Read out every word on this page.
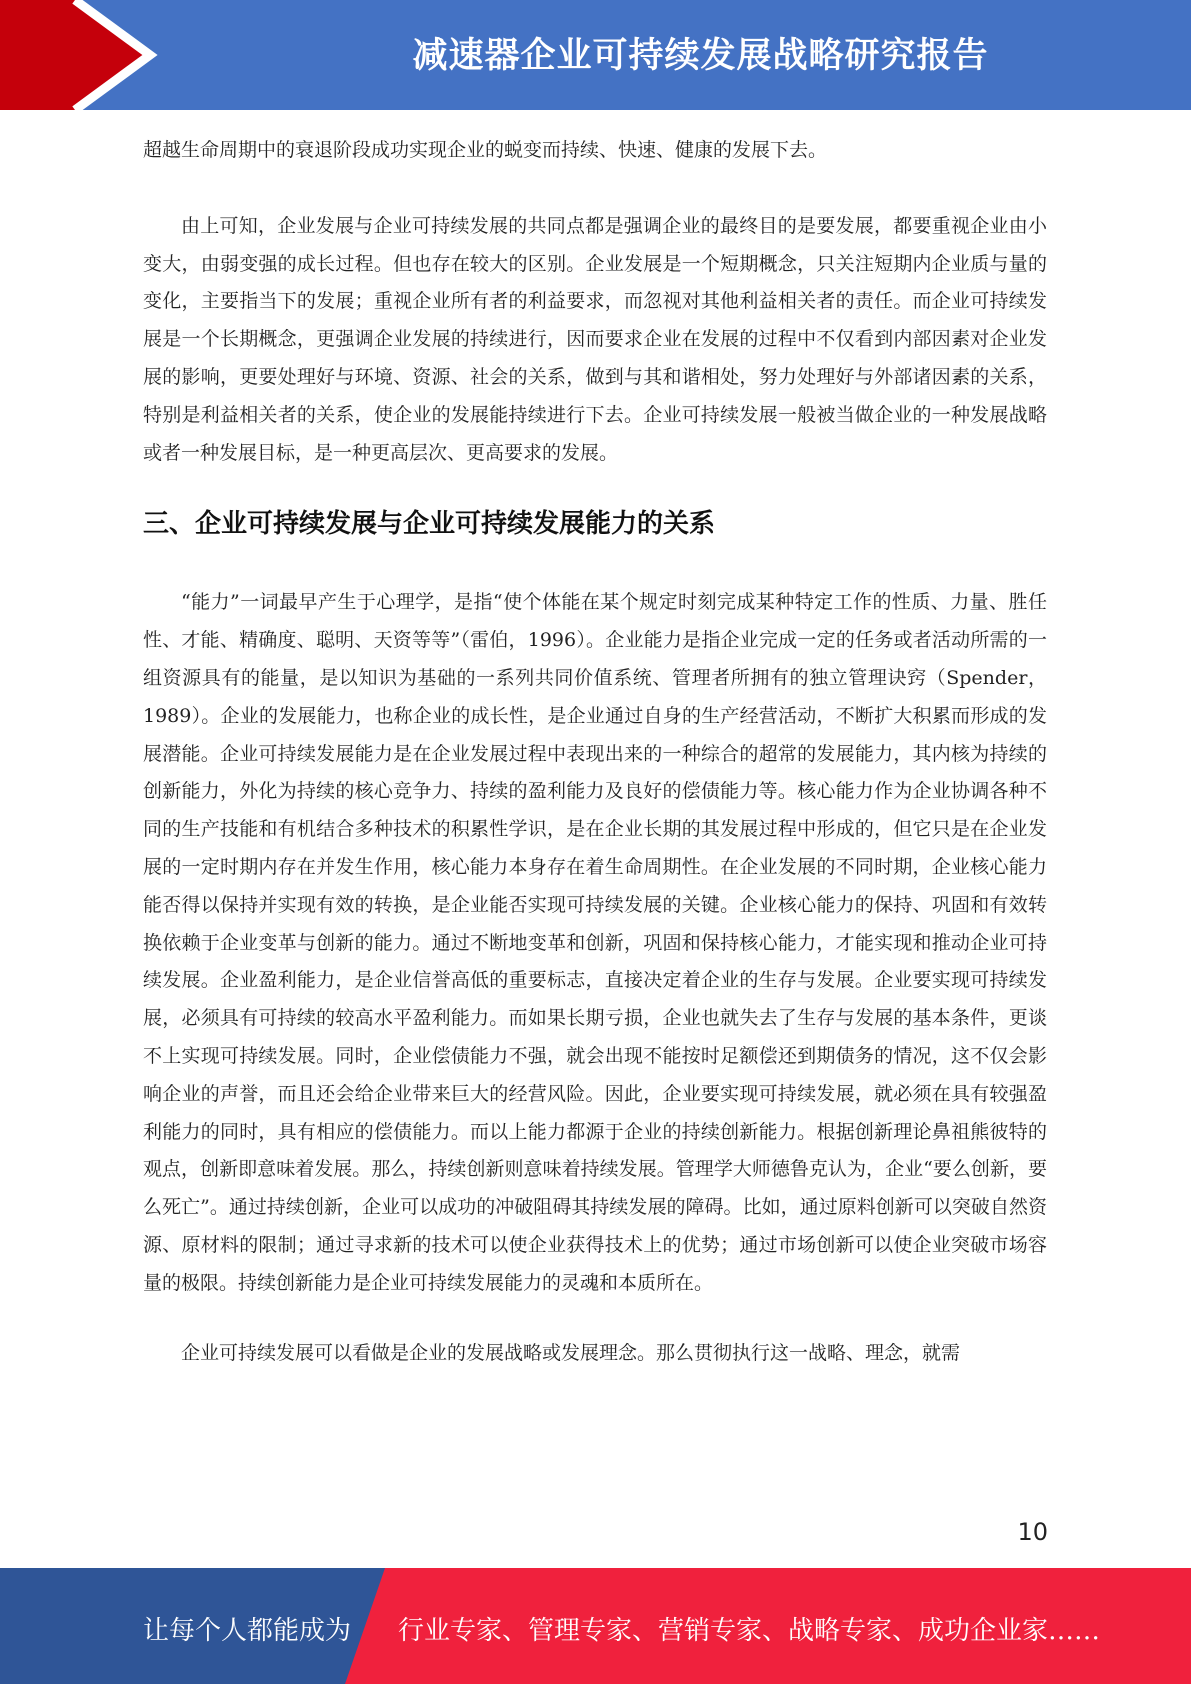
减速器企业可持续发展战略研究报告

超越生命周期中的衰退阶段成功实现企业的蜕变而持续、快速、健康的发展下去。

由上可知，企业发展与企业可持续发展的共同点都是强调企业的最终目的是要发展，都要重视企业由小变大，由弱变强的成长过程。但也存在较大的区别。企业发展是一个短期概念，只关注短期内企业质与量的变化，主要指当下的发展；重视企业所有者的利益要求，而忽视对其他利益相关者的责任。而企业可持续发展是一个长期概念，更强调企业发展的持续进行，因而要求企业在发展的过程中不仅看到内部因素对企业发展的影响，更要处理好与环境、资源、社会的关系，做到与其和谐相处，努力处理好与外部诸因素的关系，特别是利益相关者的关系，使企业的发展能持续进行下去。企业可持续发展一般被当做企业的一种发展战略或者一种发展目标，是一种更高层次、更高要求的发展。

三、企业可持续发展与企业可持续发展能力的关系

“能力”一词最早产生于心理学，是指“使个体能在某个规定时刻完成某种特定工作的性质、力量、胜任性、才能、精确度、聪明、天资等等”（雷伯，1996）。企业能力是指企业完成一定的任务或者活动所需的一组资源具有的能量，是以知识为基础的一系列共同价值系统、管理者所拥有的独立管理诀窍（Spender，1989）。企业的发展能力，也称企业的成长性，是企业通过自身的生产经营活动，不断扩大积累而形成的发展潜能。企业可持续发展能力是在企业发展过程中表现出来的一种综合的超常的发展能力，其内核为持续的创新能力，外化为持续的核心竞争力、持续的盈利能力及良好的偿债能力等。核心能力作为企业协调各种不同的生产技能和有机结合多种技术的积累性学识，是在企业长期的其发展过程中形成的，但它只是在企业发展的一定时期内存在并发生作用，核心能力本身存在着生命周期性。在企业发展的不同时期，企业核心能力能否得以保持并实现有效的转换，是企业能否实现可持续发展的关键。企业核心能力的保持、巩固和有效转换依赖于企业变革与创新的能力。通过不断地变革和创新，巩固和保持核心能力，才能实现和推动企业可持续发展。企业盈利能力，是企业信誉高低的重要标志，直接决定着企业的生存与发展。企业要实现可持续发展，必须具有可持续的较高水平盈利能力。而如果长期亏损，企业也就失去了生存与发展的基本条件，更谈不上实现可持续发展。同时，企业偿债能力不强，就会出现不能按时足额偿还到期债务的情况，这不仅会影响企业的声誉，而且还会给企业带来巨大的经营风险。因此，企业要实现可持续发展，就必须在具有较强盈利能力的同时，具有相应的偿债能力。而以上能力都源于企业的持续创新能力。根据创新理论鼻祖熊彼特的观点，创新即意味着发展。那么，持续创新则意味着持续发展。管理学大师德鲁克认为，企业“要么创新，要么死亡”。通过持续创新，企业可以成功的冲破阻碍其持续发展的障碍。比如，通过原料创新可以突破自然资源、原材料的限制；通过寻求新的技术可以使企业获得技术上的优势；通过市场创新可以使企业突破市场容量的极限。持续创新能力是企业可持续发展能力的灵魂和本质所在。

企业可持续发展可以看做是企业的发展战略或发展理念。那么贯彻执行这一战略、理念，就需

10
让每个人都能成为 行业专家、管理专家、营销专家、战略专家、成功企业家……
